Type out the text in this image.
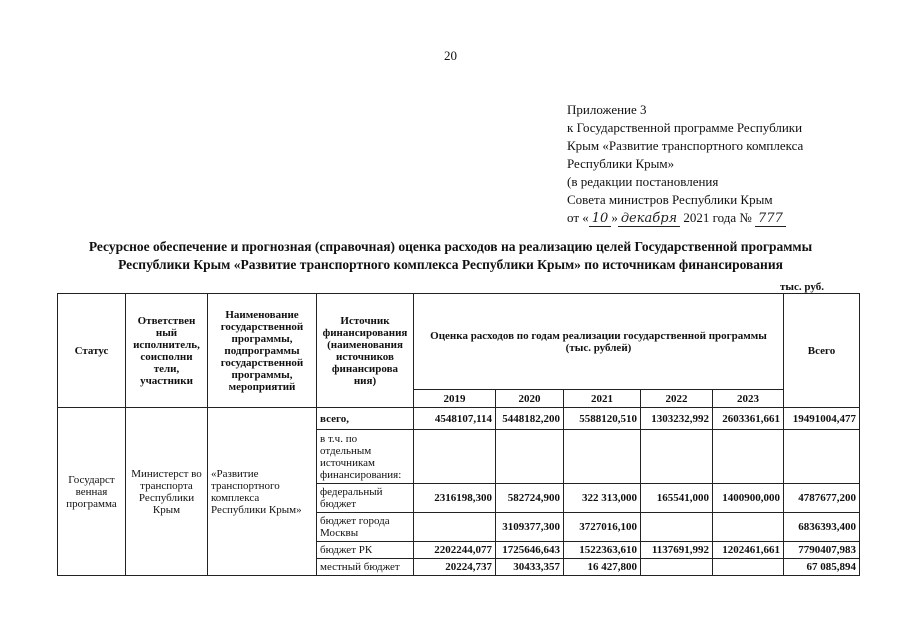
20
Приложение 3
к Государственной программе Республики
Крым «Развитие транспортного комплекса
Республики Крым»
(в редакции постановления
Совета министров Республики Крым
от « 10 » декабря 2021 года № 777
Ресурсное обеспечение и прогнозная (справочная) оценка расходов на реализацию целей Государственной программы
Республики Крым «Развитие транспортного комплекса Республики Крым» по источникам финансирования
тыс. руб.
Статус	Ответствен ный исполнитель, соисполни тели, участники	Наименование государственной программы, подпрограммы государственной программы, мероприятий	Источник финансирования (наименования источников финансирова ния)	Оценка расходов по годам реализации государственной программы (тыс. рублей)					Всего
				2019	2020	2021	2022	2023	
Государст венная программа	Министерст во транспорта Республики Крым	«Развитие транспортного комплекса Республики Крым»	всего,	4548107,114	5448182,200	5588120,510	1303232,992	2603361,661	19491004,477
			в т.ч. по отдельным источникам финансирования:						
			федеральный бюджет	2316198,300	582724,900	322 313,000	165541,000	1400900,000	4787677,200
			бюджет города Москвы		3109377,300	3727016,100			6836393,400
			бюджет РК	2202244,077	1725646,643	1522363,610	1137691,992	1202461,661	7790407,983
			местный бюджет	20224,737	30433,357	16 427,800			67 085,894
